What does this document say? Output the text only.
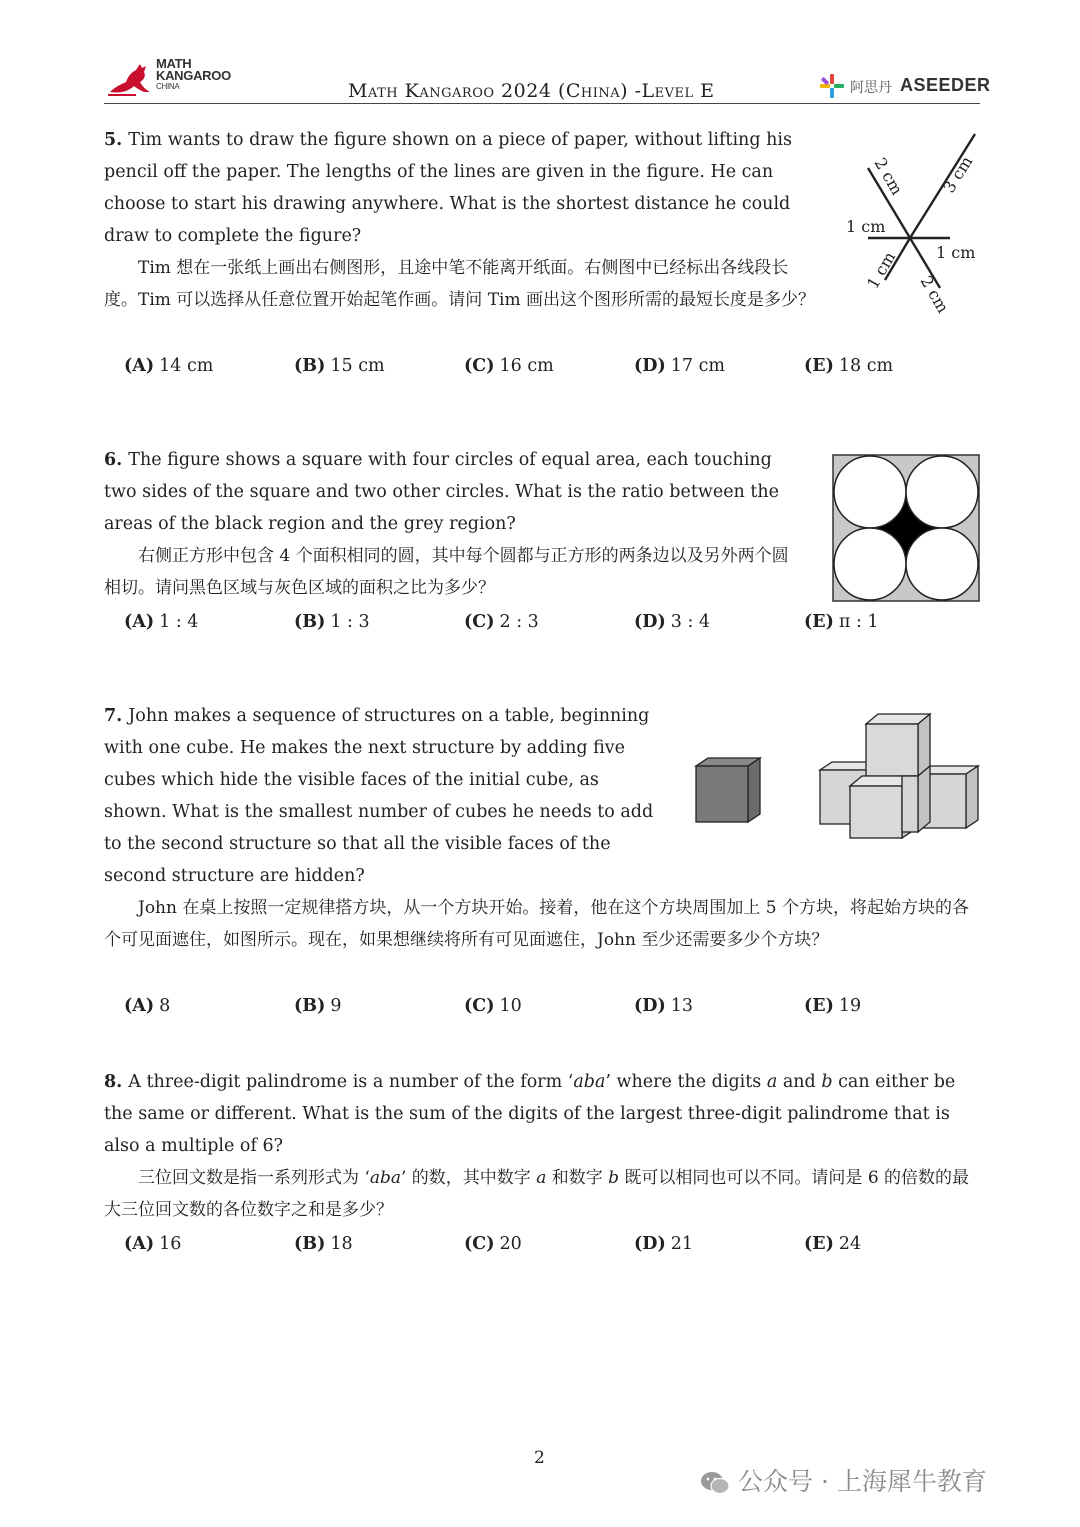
MATH
KANGAROO
CHINA	Math Kangaroo 2024 (China) -Level E	阿思丹 ASEEDER

5. Tim wants to draw the figure shown on a piece of paper, without lifting his pencil off the paper. The lengths of the lines are given in the figure. He can choose to start his drawing anywhere. What is the shortest distance he could draw to complete the figure?

Tim 想在一张纸上画出右侧图形，且途中笔不能离开纸面。右侧图中已经标出各线段长度。Tim 可以选择从任意位置开始起笔作画。请问 Tim 画出这个图形所需的最短长度是多少？

2 cm 3 cm
1 cm
1 cm
1 cm
2 cm
(A) 14 cm	(B) 15 cm	(C) 16 cm	(D) 17 cm	(E) 18 cm

6. The figure shows a square with four circles of equal area, each touching two sides of the square and two other circles. What is the ratio between the areas of the black region and the grey region?

右侧正方形中包含 4 个面积相同的圆，其中每个圆都与正方形的两条边以及另外两个圆相切。请问黑色区域与灰色区域的面积之比为多少？

(A) 1 : 4	(B) 1 : 3	(C) 2 : 3	(D) 3 : 4	(E) π : 1

7. John makes a sequence of structures on a table, beginning with one cube. He makes the next structure by adding five cubes which hide the visible faces of the initial cube, as shown. What is the smallest number of cubes he needs to add to the second structure so that all the visible faces of the second structure are hidden?

John 在桌上按照一定规律搭方块，从一个方块开始。接着，他在这个方块周围加上 5 个方块，将起始方块的各个可见面遮住，如图所示。现在，如果想继续将所有可见面遮住，John 至少还需要多少个方块？

(A) 8	(B) 9	(C) 10	(D) 13	(E) 19

8. A three-digit palindrome is a number of the form ‘aba’ where the digits a and b can either be the same or different. What is the sum of the digits of the largest three-digit palindrome that is also a multiple of 6?

三位回文数是指一系列形式为 ‘aba’ 的数，其中数字 a 和数字 b 既可以相同也可以不同。请问是 6 的倍数的最大三位回文数的各位数字之和是多少？

(A) 16	(B) 18	(C) 20	(D) 21	(E) 24
2
公众号 · 上海犀牛教育
